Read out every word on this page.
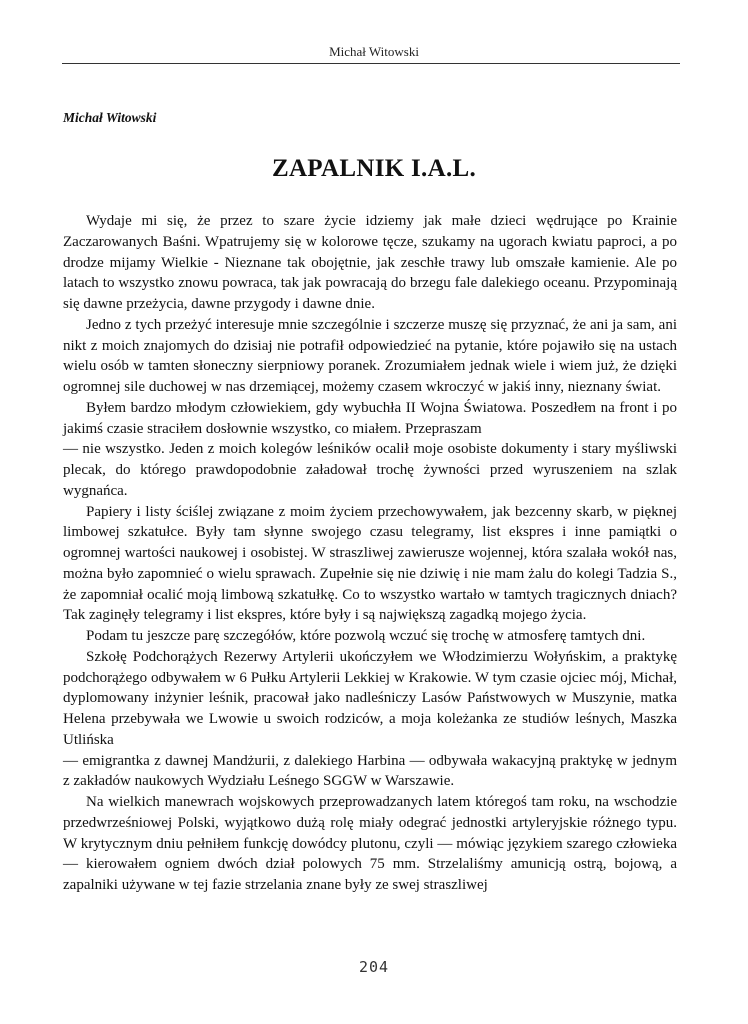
Michał Witowski
Michał Witowski
ZAPALNIK I.A.L.

Wydaje mi się, że przez to szare życie idziemy jak małe dzieci wędrujące po Krainie Zaczarowanych Baśni. Wpatrujemy się w kolorowe tęcze, szukamy na ugorach kwiatu paproci, a po drodze mijamy Wielkie - Nieznane tak obojętnie, jak zeschłe trawy lub omszałe kamienie. Ale po latach to wszystko znowu powraca, tak jak powracają do brzegu fale dalekiego oceanu. Przypominają się dawne przeżycia, dawne przygody i dawne dnie.

Jedno z tych przeżyć interesuje mnie szczególnie i szczerze muszę się przyznać, że ani ja sam, ani nikt z moich znajomych do dzisiaj nie potrafił odpowiedzieć na pytanie, które pojawiło się na ustach wielu osób w tamten słoneczny sierpniowy poranek. Zrozumiałem jednak wiele i wiem już, że dzięki ogromnej sile duchowej w nas drzemiącej, możemy czasem wkroczyć w jakiś inny, nieznany świat.

Byłem bardzo młodym człowiekiem, gdy wybuchła II Wojna Światowa. Poszedłem na front i po jakimś czasie straciłem dosłownie wszystko, co miałem. Przepraszam

— nie wszystko. Jeden z moich kolegów leśników ocalił moje osobiste dokumenty i stary myśliwski plecak, do którego prawdopodobnie załadował trochę żywności przed wyruszeniem na szlak wygnańca.

Papiery i listy ściślej związane z moim życiem przechowywałem, jak bezcenny skarb, w pięknej limbowej szkatułce. Były tam słynne swojego czasu telegramy, list ekspres i inne pamiątki o ogromnej wartości naukowej i osobistej. W straszliwej zawierusze wojennej, która szalała wokół nas, można było zapomnieć o wielu sprawach. Zupełnie się nie dziwię i nie mam żalu do kolegi Tadzia S., że zapomniał ocalić moją limbową szkatułkę. Co to wszystko wartało w tamtych tragicznych dniach? Tak zaginęły telegramy i list ekspres, które były i są największą zagadką mojego życia.

Podam tu jeszcze parę szczegółów, które pozwolą wczuć się trochę w atmosferę tamtych dni.

Szkołę Podchorążych Rezerwy Artylerii ukończyłem we Włodzimierzu Wołyńskim, a praktykę podchorążego odbywałem w 6 Pułku Artylerii Lekkiej w Krakowie. W tym czasie ojciec mój, Michał, dyplomowany inżynier leśnik, pracował jako nadleśniczy Lasów Państwowych w Muszynie, matka Helena przebywała we Lwowie u swoich rodziców, a moja koleżanka ze studiów leśnych, Maszka Utlińska

— emigrantka z dawnej Mandżurii, z dalekiego Harbina — odbywała wakacyjną praktykę w jednym z zakładów naukowych Wydziału Leśnego SGGW w Warszawie.

Na wielkich manewrach wojskowych przeprowadzanych latem któregoś tam roku, na wschodzie przedwrześniowej Polski, wyjątkowo dużą rolę miały odegrać jednostki artyleryjskie różnego typu. W krytycznym dniu pełniłem funkcję dowódcy plutonu, czyli — mówiąc językiem szarego człowieka — kierowałem ogniem dwóch dział polowych 75 mm. Strzelaliśmy amunicją ostrą, bojową, a zapalniki używane w tej fazie strzelania znane były ze swej straszliwej

204
